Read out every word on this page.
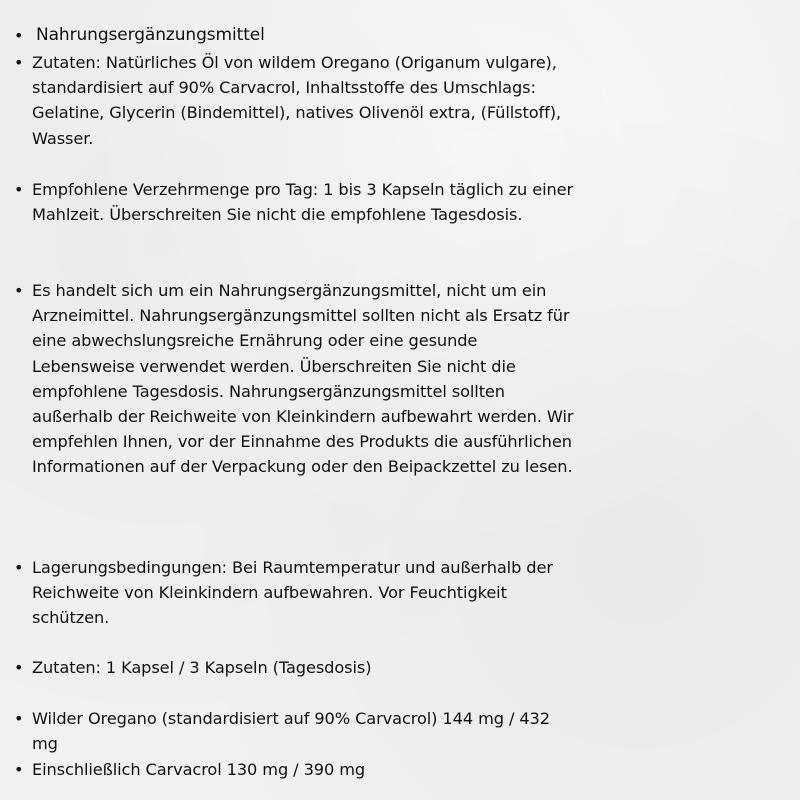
• Nahrungsergänzungsmittel
• Zutaten: Natürliches Öl von wildem Oregano (Origanum vulgare), standardisiert auf 90% Carvacrol, Inhaltsstoffe des Umschlags: Gelatine, Glycerin (Bindemittel), natives Olivenöl extra, (Füllstoff), Wasser.
• Empfohlene Verzehrmenge pro Tag: 1 bis 3 Kapseln täglich zu einer Mahlzeit. Überschreiten Sie nicht die empfohlene Tagesdosis.
• Es handelt sich um ein Nahrungsergänzungsmittel, nicht um ein Arzneimittel. Nahrungsergänzungsmittel sollten nicht als Ersatz für eine abwechslungsreiche Ernährung oder eine gesunde Lebensweise verwendet werden. Überschreiten Sie nicht die empfohlene Tagesdosis. Nahrungsergänzungsmittel sollten außerhalb der Reichweite von Kleinkindern aufbewahrt werden. Wir empfehlen Ihnen, vor der Einnahme des Produkts die ausführlichen Informationen auf der Verpackung oder den Beipackzettel zu lesen.
• Lagerungsbedingungen: Bei Raumtemperatur und außerhalb der Reichweite von Kleinkindern aufbewahren. Vor Feuchtigkeit schützen.
• Zutaten: 1 Kapsel / 3 Kapseln (Tagesdosis)
• Wilder Oregano (standardisiert auf 90% Carvacrol) 144 mg / 432 mg
• Einschließlich Carvacrol 130 mg / 390 mg
